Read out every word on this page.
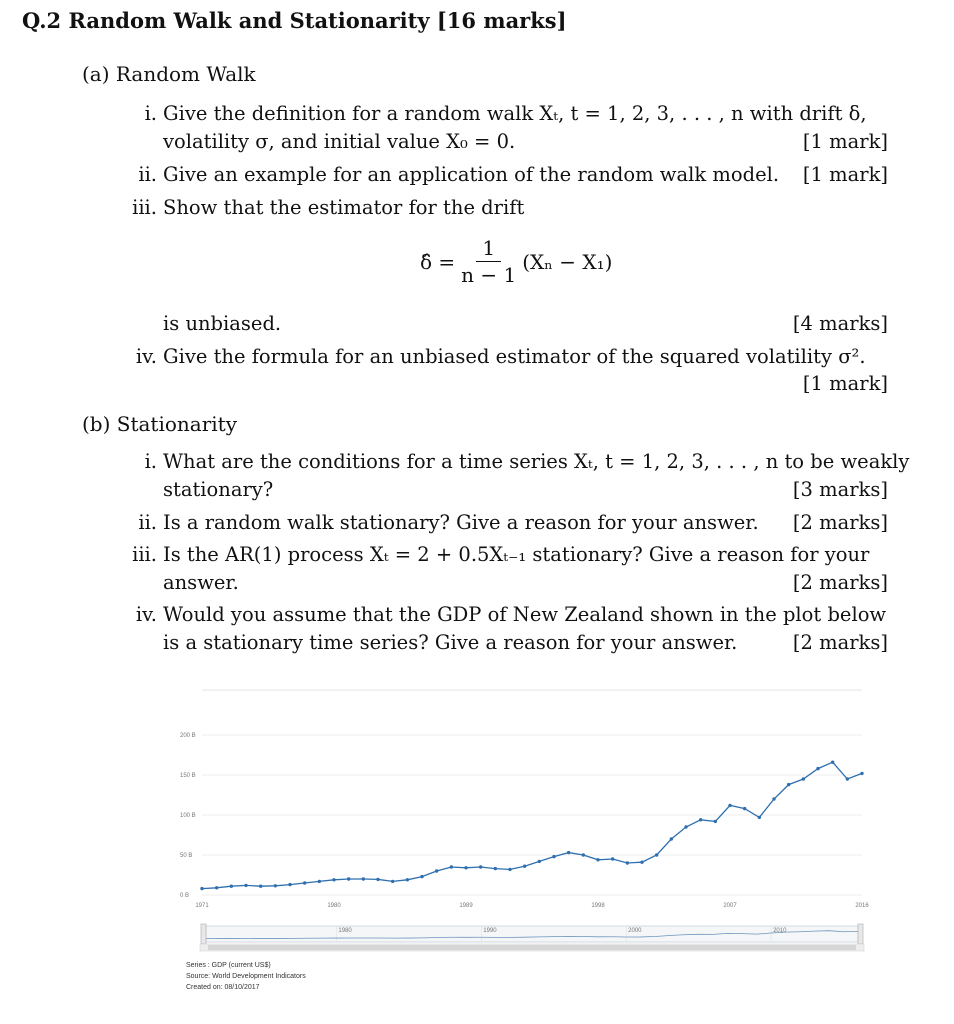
Q.2 Random Walk and Stationarity [16 marks]
(a) Random Walk
i. Give the definition for a random walk Xₜ, t = 1, 2, 3, . . . , n with drift δ,
volatility σ, and initial value X₀ = 0.	[1 mark]
ii. Give an example for an application of the random walk model. [1 mark]
iii. Show that the estimator for the drift
δ̂ = $\frac{1}{n - 1} (X_n - X_1)$
is unbiased.	[4 marks]
iv. Give the formula for an unbiased estimator of the squared volatility σ².
[1 mark]
(b) Stationarity
i. What are the conditions for a time series Xₜ, t = 1, 2, 3, . . . , n to be weakly
stationary?	[3 marks]
ii. Is a random walk stationary? Give a reason for your answer. [2 marks]
iii. Is the AR(1) process Xₜ = 2 + 0.5Xₜ₋₁ stationary? Give a reason for your
answer.	[2 marks]
iv. Would you assume that the GDP of New Zealand shown in the plot below
is a stationary time series? Give a reason for your answer.	[2 marks]
200 B
150 B
100 B
50 B
0 B
1971	1980	1989	1998	2007	2016
1980	1990	2000	2010
Series : GDP (current US$)
Source: World Development Indicators
Created on: 08/10/2017
